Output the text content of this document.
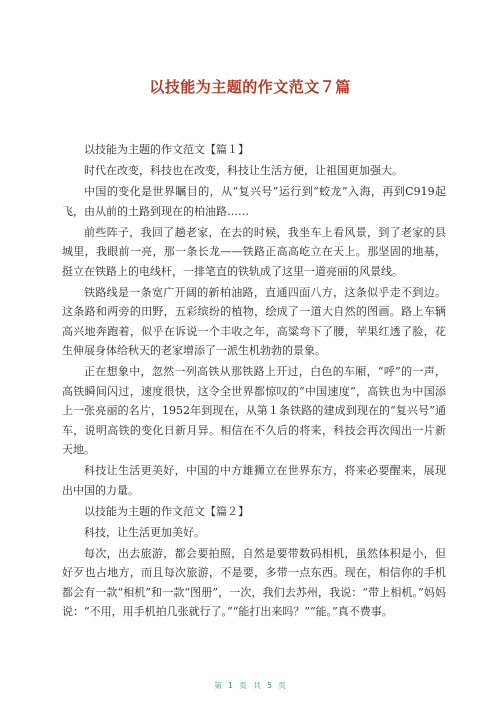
以技能为主题的作文范文７篇

以技能为主题的作文范文【篇１】

时代在改变，科技也在改变，科技让生活方便，让祖国更加强大。

中国的变化是世界瞩目的，从“复兴号”运行到“蛟龙”入海，再到C919起飞，由从前的土路到现在的柏油路……

前些阵子，我回了趟老家，在去的时候，我坐车上看风景，到了老家的县城里，我眼前一亮，那一条长龙——铁路正高高屹立在天上。那坚固的地基，挺立在铁路上的电线杆，一排笔直的铁轨成了这里一道亮丽的风景线。

铁路线是一条宽广开阔的新柏油路，直通四面八方，这条似乎走不到边。这条路和两旁的田野，五彩缤纷的植物，绘成了一道大自然的图画。路上车辆高兴地奔跑着，似乎在诉说一个丰收之年，高粱弯下了腰，苹果红透了脸，花生伸展身体给秋天的老家增添了一派生机勃勃的景象。

正在想象中，忽然一列高铁从那铁路上开过，白色的车厢，“呼”的一声，高铁瞬间闪过，速度很快，这令全世界都惊叹的“中国速度”，高铁也为中国添上一张亮丽的名片，1952年到现在，从第１条铁路的建成到现在的“复兴号”通车，说明高铁的变化日新月异。相信在不久后的将来，科技会再次闯出一片新天地。

科技让生活更美好，中国的中方雄狮立在世界东方，将来必要醒来，展现出中国的力量。

以技能为主题的作文范文【篇２】

科技，让生活更加美好。

每次，出去旅游，都会要拍照，自然是要带数码相机，虽然体积是小，但好歹也占地方，而且每次旅游，不是要，多带一点东西。现在，相信你的手机都会有一款“相机”和一款“图册”，一次，我们去苏州，我说：“带上相机。”妈妈说：“不用，用手机拍几张就行了。”“能打出来吗？”“能。”真不费事。

第 1 页 共 5 页
